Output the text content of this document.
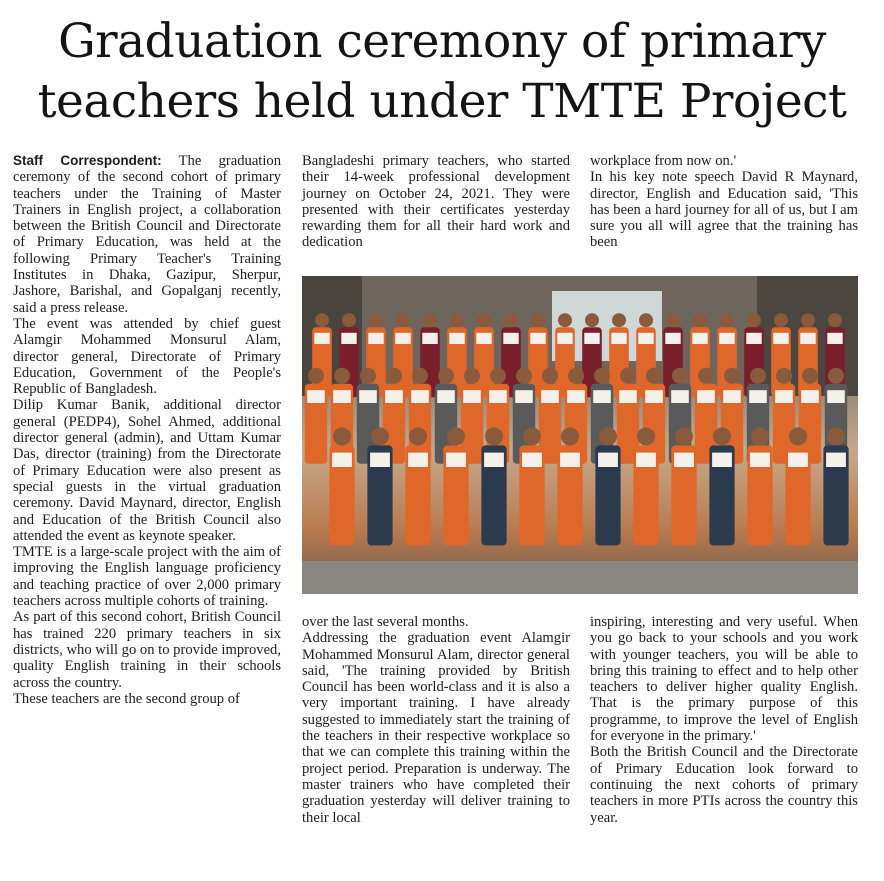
Graduation ceremony of primary
teachers held under TMTE Project

Staff Correspondent: The graduation ceremony of the second cohort of primary teachers under the Training of Master Trainers in English project, a collaboration between the British Council and Directorate of Primary Education, was held at the following Primary Teacher's Training Institutes in Dhaka, Gazipur, Sherpur, Jashore, Barishal, and Gopalganj recently, said a press release.

The event was attended by chief guest Alamgir Mohammed Monsurul Alam, director general, Directorate of Primary Education, Government of the People's Republic of Bangladesh.

Dilip Kumar Banik, additional director general (PEDP4), Sohel Ahmed, additional director general (admin), and Uttam Kumar Das, director (training) from the Directorate of Primary Education were also present as special guests in the virtual graduation ceremony. David Maynard, director, English and Education of the British Council also attended the event as keynote speaker.

TMTE is a large-scale project with the aim of improving the English language proficiency and teaching practice of over 2,000 primary teachers across multiple cohorts of training.

As part of this second cohort, British Council has trained 220 primary teachers in six districts, who will go on to provide improved, quality English training in their schools across the country.

These teachers are the second group of

Bangladeshi primary teachers, who started their 14-week professional development journey on October 24, 2021. They were presented with their certificates yesterday rewarding them for all their hard work and dedication

workplace from now on.'

In his key note speech David R Maynard, director, English and Education said, 'This has been a hard journey for all of us, but I am sure you all will agree that the training has been

over the last several months.

Addressing the graduation event Alamgir Mohammed Monsurul Alam, director general said, 'The training provided by British Council has been world-class and it is also a very important training. I have already suggested to immediately start the training of the teachers in their respective workplace so that we can complete this training within the project period. Preparation is underway. The master trainers who have completed their graduation yesterday will deliver training to their local

inspiring, interesting and very useful. When you go back to your schools and you work with younger teachers, you will be able to bring this training to effect and to help other teachers to deliver higher quality English. That is the primary purpose of this programme, to improve the level of English for everyone in the primary.'

Both the British Council and the Directorate of Primary Education look forward to continuing the next cohorts of primary teachers in more PTIs across the country this year.
